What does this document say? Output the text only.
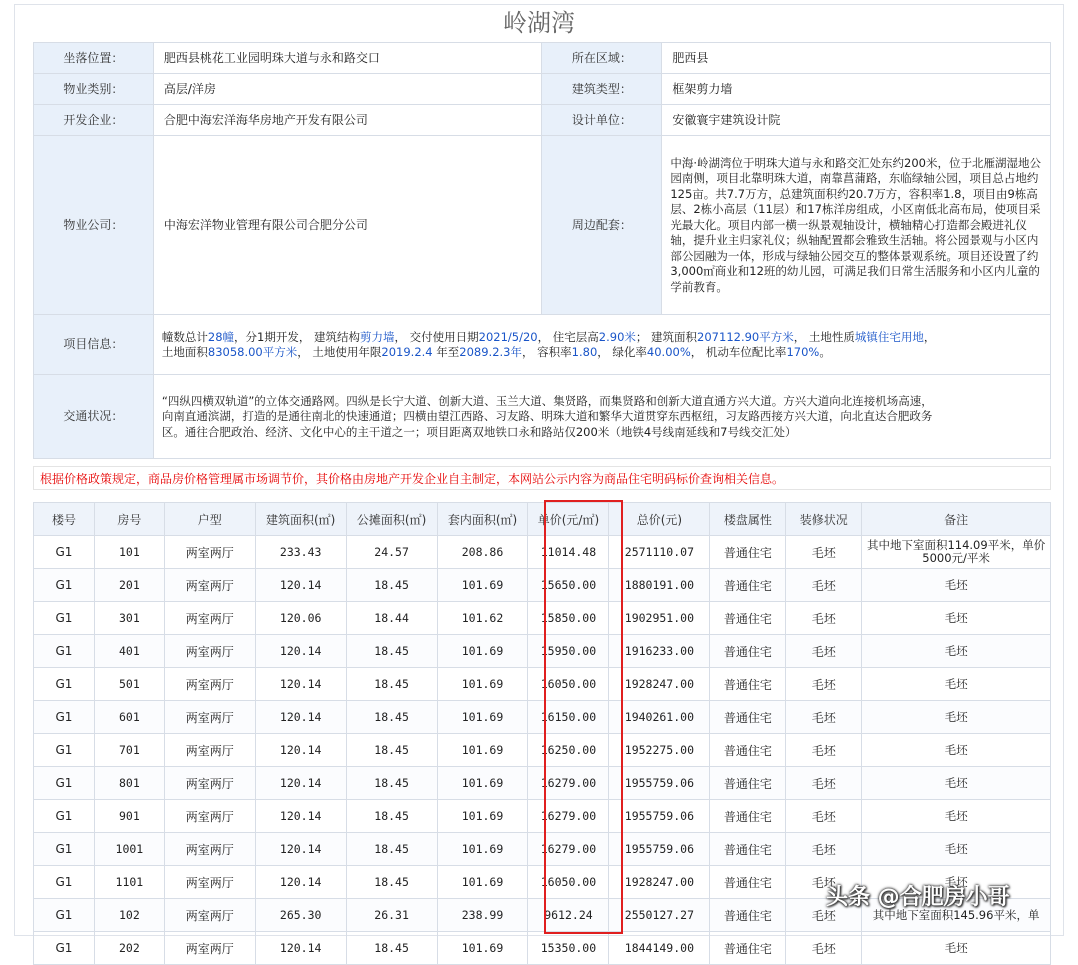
岭湖湾
坐落位置：	肥西县桃花工业园明珠大道与永和路交口	所在区域：	肥西县
物业类别：	高层/洋房	建筑类型：	框架剪力墙
开发企业：	合肥中海宏洋海华房地产开发有限公司	设计单位：	安徽寰宇建筑设计院
物业公司：	中海宏洋物业管理有限公司合肥分公司	周边配套：	中海·岭湖湾位于明珠大道与永和路交汇处东约200米，位于北雁湖湿地公园南侧，项目北靠明珠大道，南靠菖蒲路，东临绿轴公园，项目总占地约125亩。共7.7万方，总建筑面积约20.7万方，容积率1.8，项目由9栋高层、2栋小高层（11层）和17栋洋房组成，小区南低北高布局，使项目采光最大化。项目内部一横一纵景观轴设计，横轴精心打造都会殿进礼仪轴，提升业主归家礼仪；纵轴配置都会雅致生活轴。将公园景观与小区内部公园融为一体，形成与绿轴公园交互的整体景观系统。项目还设置了约3,000㎡商业和12班的幼儿园，可满足我们日常生活服务和小区内儿童的学前教育。
项目信息：	幢数总计28幢，分1期开发， 建筑结构剪力墙， 交付使用日期2021/5/20， 住宅层高2.90米； 建筑面积207112.90平方米， 土地性质城镇住宅用地， 土地面积83058.00平方米， 土地使用年限2019.2.4 年至2089.2.3年， 容积率1.80， 绿化率40.00%， 机动车位配比率170%。		
交通状况：	“四纵四横双轨道”的立体交通路网。四纵是长宁大道、创新大道、玉兰大道、集贤路，而集贤路和创新大道直通方兴大道。方兴大道向北连接机场高速，向南直通滨湖，打造的是通往南北的快速通道；四横由望江西路、习友路、明珠大道和繁华大道贯穿东西枢纽，习友路西接方兴大道，向北直达合肥政务区。通往合肥政治、经济、文化中心的主干道之一；项目距离双地铁口永和路站仅200米（地铁4号线南延线和7号线交汇处）		
根据价格政策规定，商品房价格管理属市场调节价，其价格由房地产开发企业自主制定，本网站公示内容为商品住宅明码标价查询相关信息。
楼号	房号	户型	建筑面积(㎡)	公摊面积(㎡)	套内面积(㎡)	单价(元/㎡)	总价(元)	楼盘属性	装修状况	备注
G1	101	两室两厅	233.43	24.57	208.86	11014.48	2571110.07	普通住宅	毛坯	其中地下室面积114.09平米，单价5000元/平米
G1	201	两室两厅	120.14	18.45	101.69	15650.00	1880191.00	普通住宅	毛坯	毛坯
G1	301	两室两厅	120.06	18.44	101.62	15850.00	1902951.00	普通住宅	毛坯	毛坯
G1	401	两室两厅	120.14	18.45	101.69	15950.00	1916233.00	普通住宅	毛坯	毛坯
G1	501	两室两厅	120.14	18.45	101.69	16050.00	1928247.00	普通住宅	毛坯	毛坯
G1	601	两室两厅	120.14	18.45	101.69	16150.00	1940261.00	普通住宅	毛坯	毛坯
G1	701	两室两厅	120.14	18.45	101.69	16250.00	1952275.00	普通住宅	毛坯	毛坯
G1	801	两室两厅	120.14	18.45	101.69	16279.00	1955759.06	普通住宅	毛坯	毛坯
G1	901	两室两厅	120.14	18.45	101.69	16279.00	1955759.06	普通住宅	毛坯	毛坯
G1	1001	两室两厅	120.14	18.45	101.69	16279.00	1955759.06	普通住宅	毛坯	毛坯
G1	1101	两室两厅	120.14	18.45	101.69	16050.00	1928247.00	普通住宅	毛坯	毛坯
G1	102	两室两厅	265.30	26.31	238.99	9612.24	2550127.27	普通住宅	毛坯	其中地下室面积145.96平米，单
G1	202	两室两厅	120.14	18.45	101.69	15350.00	1844149.00	普通住宅	毛坯	毛坯
头条 @合肥房小哥
